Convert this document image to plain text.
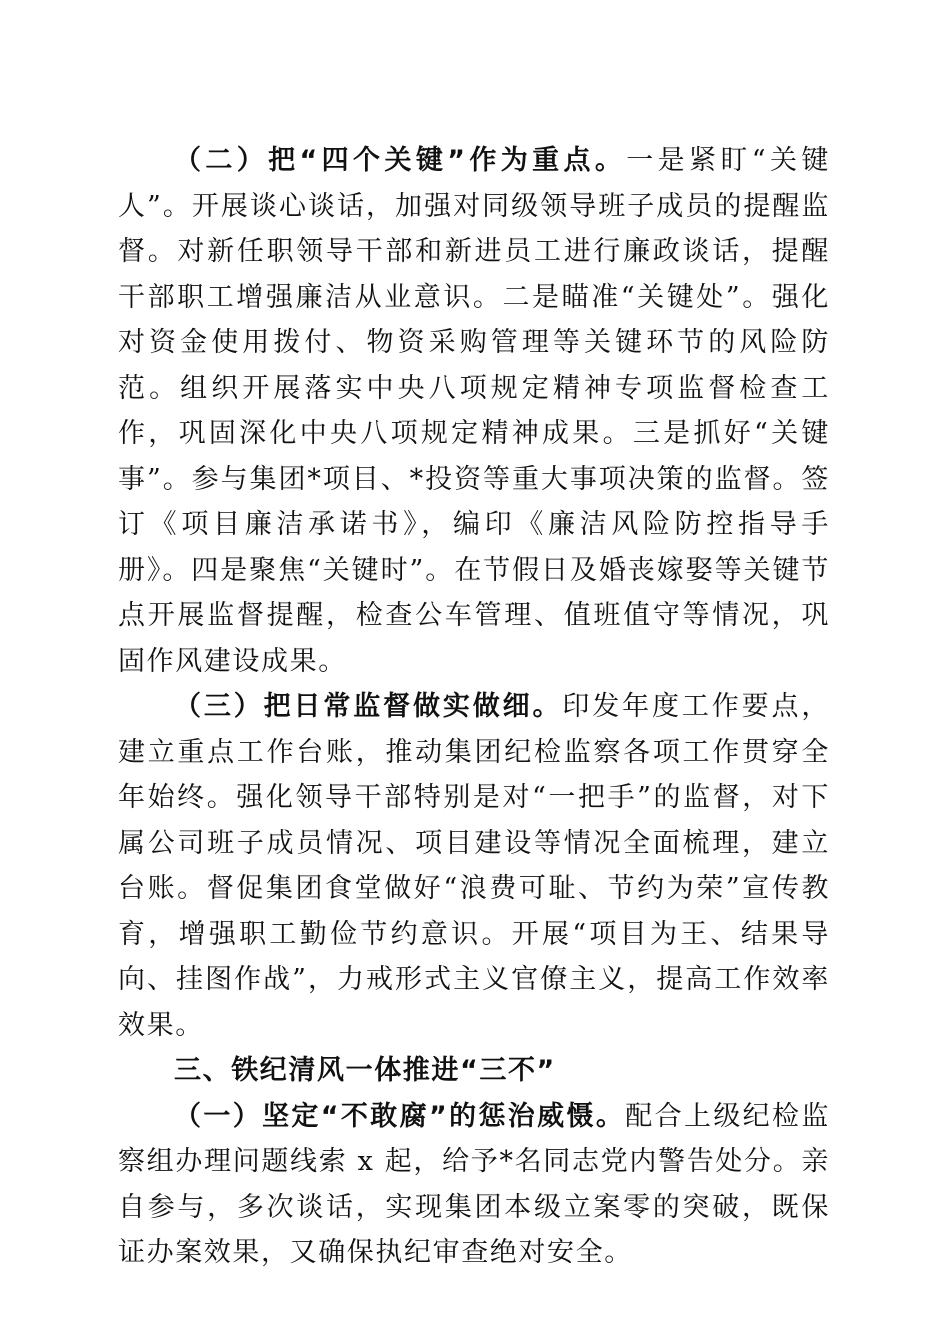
（二）把“四个关键”作为重点。一是紧盯“关键人”。开展谈心谈话，加强对同级领导班子成员的提醒监督。对新任职领导干部和新进员工进行廉政谈话，提醒干部职工增强廉洁从业意识。二是瞄准“关键处”。强化对资金使用拨付、物资采购管理等关键环节的风险防范。组织开展落实中央八项规定精神专项监督检查工作，巩固深化中央八项规定精神成果。三是抓好“关键事”。参与集团*项目、*投资等重大事项决策的监督。签订《项目廉洁承诺书》，编印《廉洁风险防控指导手册》。四是聚焦“关键时”。在节假日及婚丧嫁娶等关键节点开展监督提醒，检查公车管理、值班值守等情况，巩固作风建设成果。

（三）把日常监督做实做细。印发年度工作要点，建立重点工作台账，推动集团纪检监察各项工作贯穿全年始终。强化领导干部特别是对“一把手”的监督，对下属公司班子成员情况、项目建设等情况全面梳理，建立台账。督促集团食堂做好“浪费可耻、节约为荣”宣传教育，增强职工勤俭节约意识。开展“项目为王、结果导向、挂图作战”，力戒形式主义官僚主义，提高工作效率效果。

三、铁纪清风一体推进“三不”

（一）坚定“不敢腐”的惩治威慑。配合上级纪检监察组办理问题线索 x 起，给予*名同志党内警告处分。亲自参与，多次谈话，实现集团本级立案零的突破，既保证办案效果，又确保执纪审查绝对安全。
